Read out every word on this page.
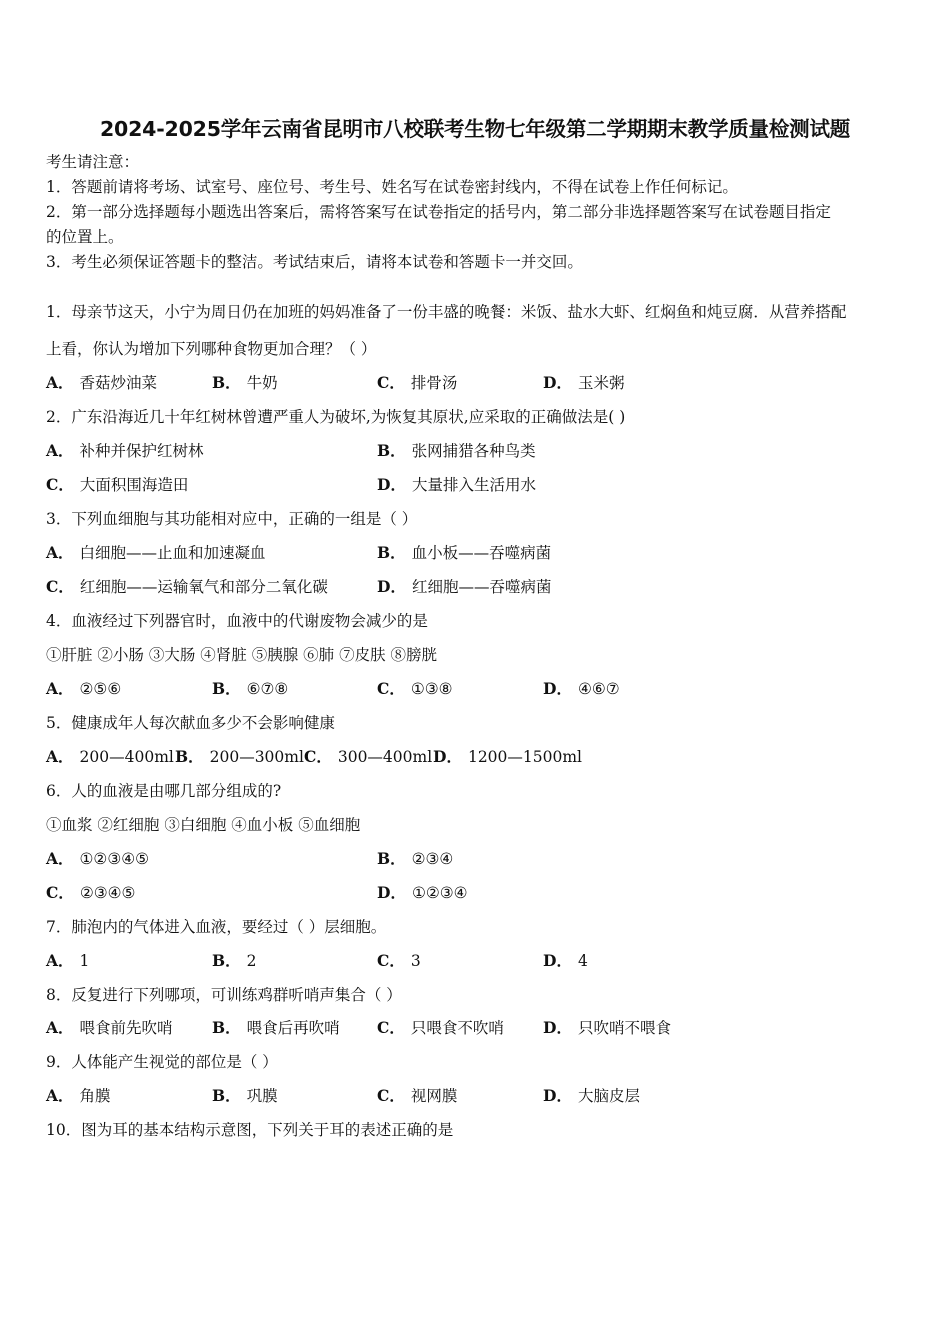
2024-2025学年云南省昆明市八校联考生物七年级第二学期期末教学质量检测试题
考生请注意：
1．答题前请将考场、试室号、座位号、考生号、姓名写在试卷密封线内，不得在试卷上作任何标记。
2．第一部分选择题每小题选出答案后，需将答案写在试卷指定的括号内，第二部分非选择题答案写在试卷题目指定
的位置上。
3．考生必须保证答题卡的整洁。考试结束后，请将本试卷和答题卡一并交回。
1．母亲节这天，小宁为周日仍在加班的妈妈准备了一份丰盛的晚餐：米饭、盐水大虾、红焖鱼和炖豆腐．从营养搭配
上看，你认为增加下列哪种食物更加合理？（ ）
A． 香菇炒油菜	B． 牛奶	C． 排骨汤	D． 玉米粥
2．广东沿海近几十年红树林曾遭严重人为破坏,为恢复其原状,应采取的正确做法是( )
A． 补种并保护红树林	B． 张网捕猎各种鸟类
C． 大面积围海造田	D． 大量排入生活用水
3．下列血细胞与其功能相对应中，正确的一组是（ ）
A． 白细胞——止血和加速凝血	B． 血小板——吞噬病菌
C． 红细胞——运输氧气和部分二氧化碳	D． 红细胞——吞噬病菌
4．血液经过下列器官时，血液中的代谢废物会减少的是
①肝脏 ②小肠 ③大肠 ④肾脏 ⑤胰腺 ⑥肺 ⑦皮肤 ⑧膀胱
A． ②⑤⑥	B． ⑥⑦⑧	C． ①③⑧	D． ④⑥⑦
5．健康成年人每次献血多少不会影响健康
A． 200—400ml B． 200—300ml C． 300—400ml D． 1200—1500ml
6．人的血液是由哪几部分组成的?
①血浆 ②红细胞 ③白细胞 ④血小板 ⑤血细胞
A． ①②③④⑤	B． ②③④
C． ②③④⑤	D． ①②③④
7．肺泡内的气体进入血液，要经过（ ）层细胞。
A． 1	B． 2	C． 3	D． 4
8．反复进行下列哪项，可训练鸡群听哨声集合（ ）
A． 喂食前先吹哨	B． 喂食后再吹哨 C． 只喂食不吹哨	D． 只吹哨不喂食
9．人体能产生视觉的部位是（ ）
A． 角膜	B． 巩膜	C． 视网膜	D． 大脑皮层
10．图为耳的基本结构示意图，下列关于耳的表述正确的是
